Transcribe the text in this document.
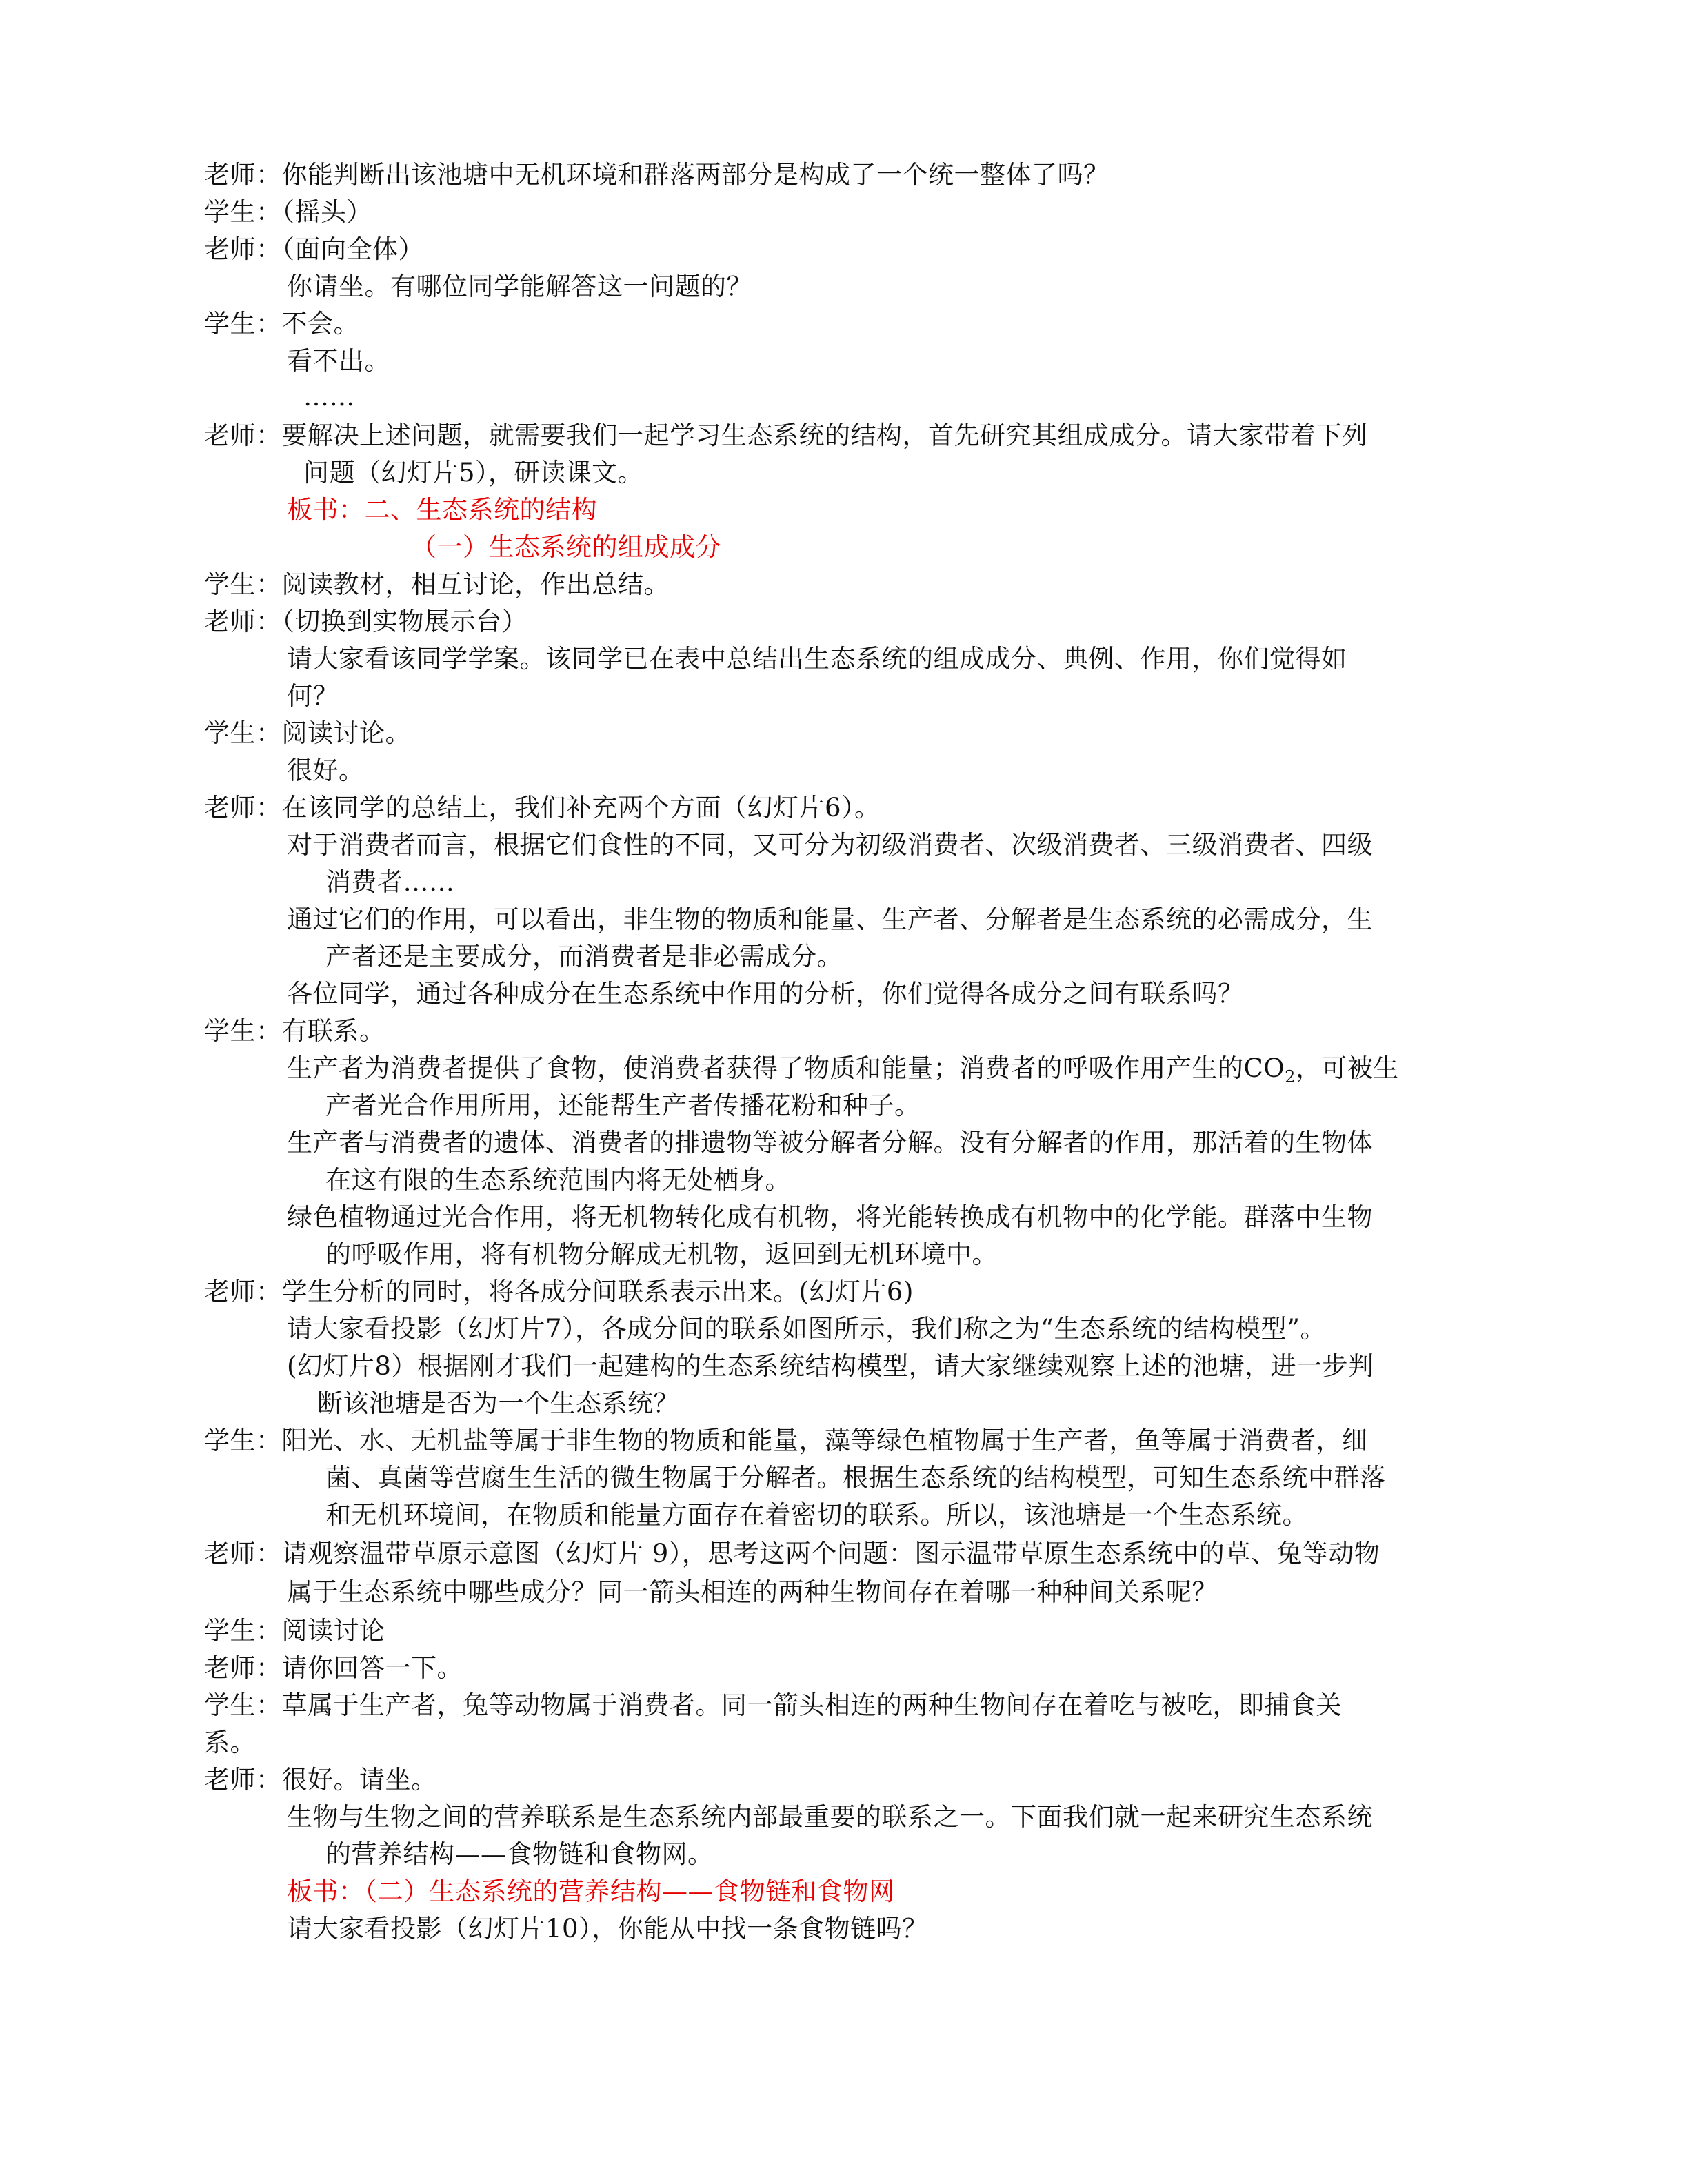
老师：你能判断出该池塘中无机环境和群落两部分是构成了一个统一整体了吗？
学生：（摇头）
老师：（面向全体）
你请坐。有哪位同学能解答这一问题的？
学生：不会。
看不出。
……
老师：要解决上述问题，就需要我们一起学习生态系统的结构，首先研究其组成成分。请大家带着下列
问题（幻灯片5），研读课文。
板书：二、生态系统的结构
（一）生态系统的组成成分
学生：阅读教材，相互讨论，作出总结。
老师：（切换到实物展示台）
请大家看该同学学案。该同学已在表中总结出生态系统的组成成分、典例、作用，你们觉得如
何？
学生：阅读讨论。
很好。
老师：在该同学的总结上，我们补充两个方面（幻灯片6）。
对于消费者而言，根据它们食性的不同，又可分为初级消费者、次级消费者、三级消费者、四级
消费者……
通过它们的作用，可以看出，非生物的物质和能量、生产者、分解者是生态系统的必需成分，生
产者还是主要成分，而消费者是非必需成分。
各位同学，通过各种成分在生态系统中作用的分析，你们觉得各成分之间有联系吗？
学生：有联系。
生产者为消费者提供了食物，使消费者获得了物质和能量；消费者的呼吸作用产生的$CO_2$，可被生
产者光合作用所用，还能帮生产者传播花粉和种子。
生产者与消费者的遗体、消费者的排遗物等被分解者分解。没有分解者的作用，那活着的生物体
在这有限的生态系统范围内将无处栖身。
绿色植物通过光合作用，将无机物转化成有机物，将光能转换成有机物中的化学能。群落中生物
的呼吸作用，将有机物分解成无机物，返回到无机环境中。
老师：学生分析的同时，将各成分间联系表示出来。(幻灯片6)
请大家看投影（幻灯片7），各成分间的联系如图所示，我们称之为“生态系统的结构模型”。
(幻灯片8）根据刚才我们一起建构的生态系统结构模型，请大家继续观察上述的池塘，进一步判
断该池塘是否为一个生态系统？
学生：阳光、水、无机盐等属于非生物的物质和能量，藻等绿色植物属于生产者，鱼等属于消费者，细
菌、真菌等营腐生生活的微生物属于分解者。根据生态系统的结构模型，可知生态系统中群落
和无机环境间，在物质和能量方面存在着密切的联系。所以，该池塘是一个生态系统。
老师：请观察温带草原示意图（幻灯片 9），思考这两个问题：图示温带草原生态系统中的草、兔等动物
属于生态系统中哪些成分？同一箭头相连的两种生物间存在着哪一种种间关系呢？
学生：阅读讨论
老师：请你回答一下。
学生：草属于生产者，兔等动物属于消费者。同一箭头相连的两种生物间存在着吃与被吃，即捕食关
系。
老师：很好。请坐。
生物与生物之间的营养联系是生态系统内部最重要的联系之一。下面我们就一起来研究生态系统
的营养结构——食物链和食物网。
板书：（二）生态系统的营养结构——食物链和食物网
请大家看投影（幻灯片10），你能从中找一条食物链吗？
